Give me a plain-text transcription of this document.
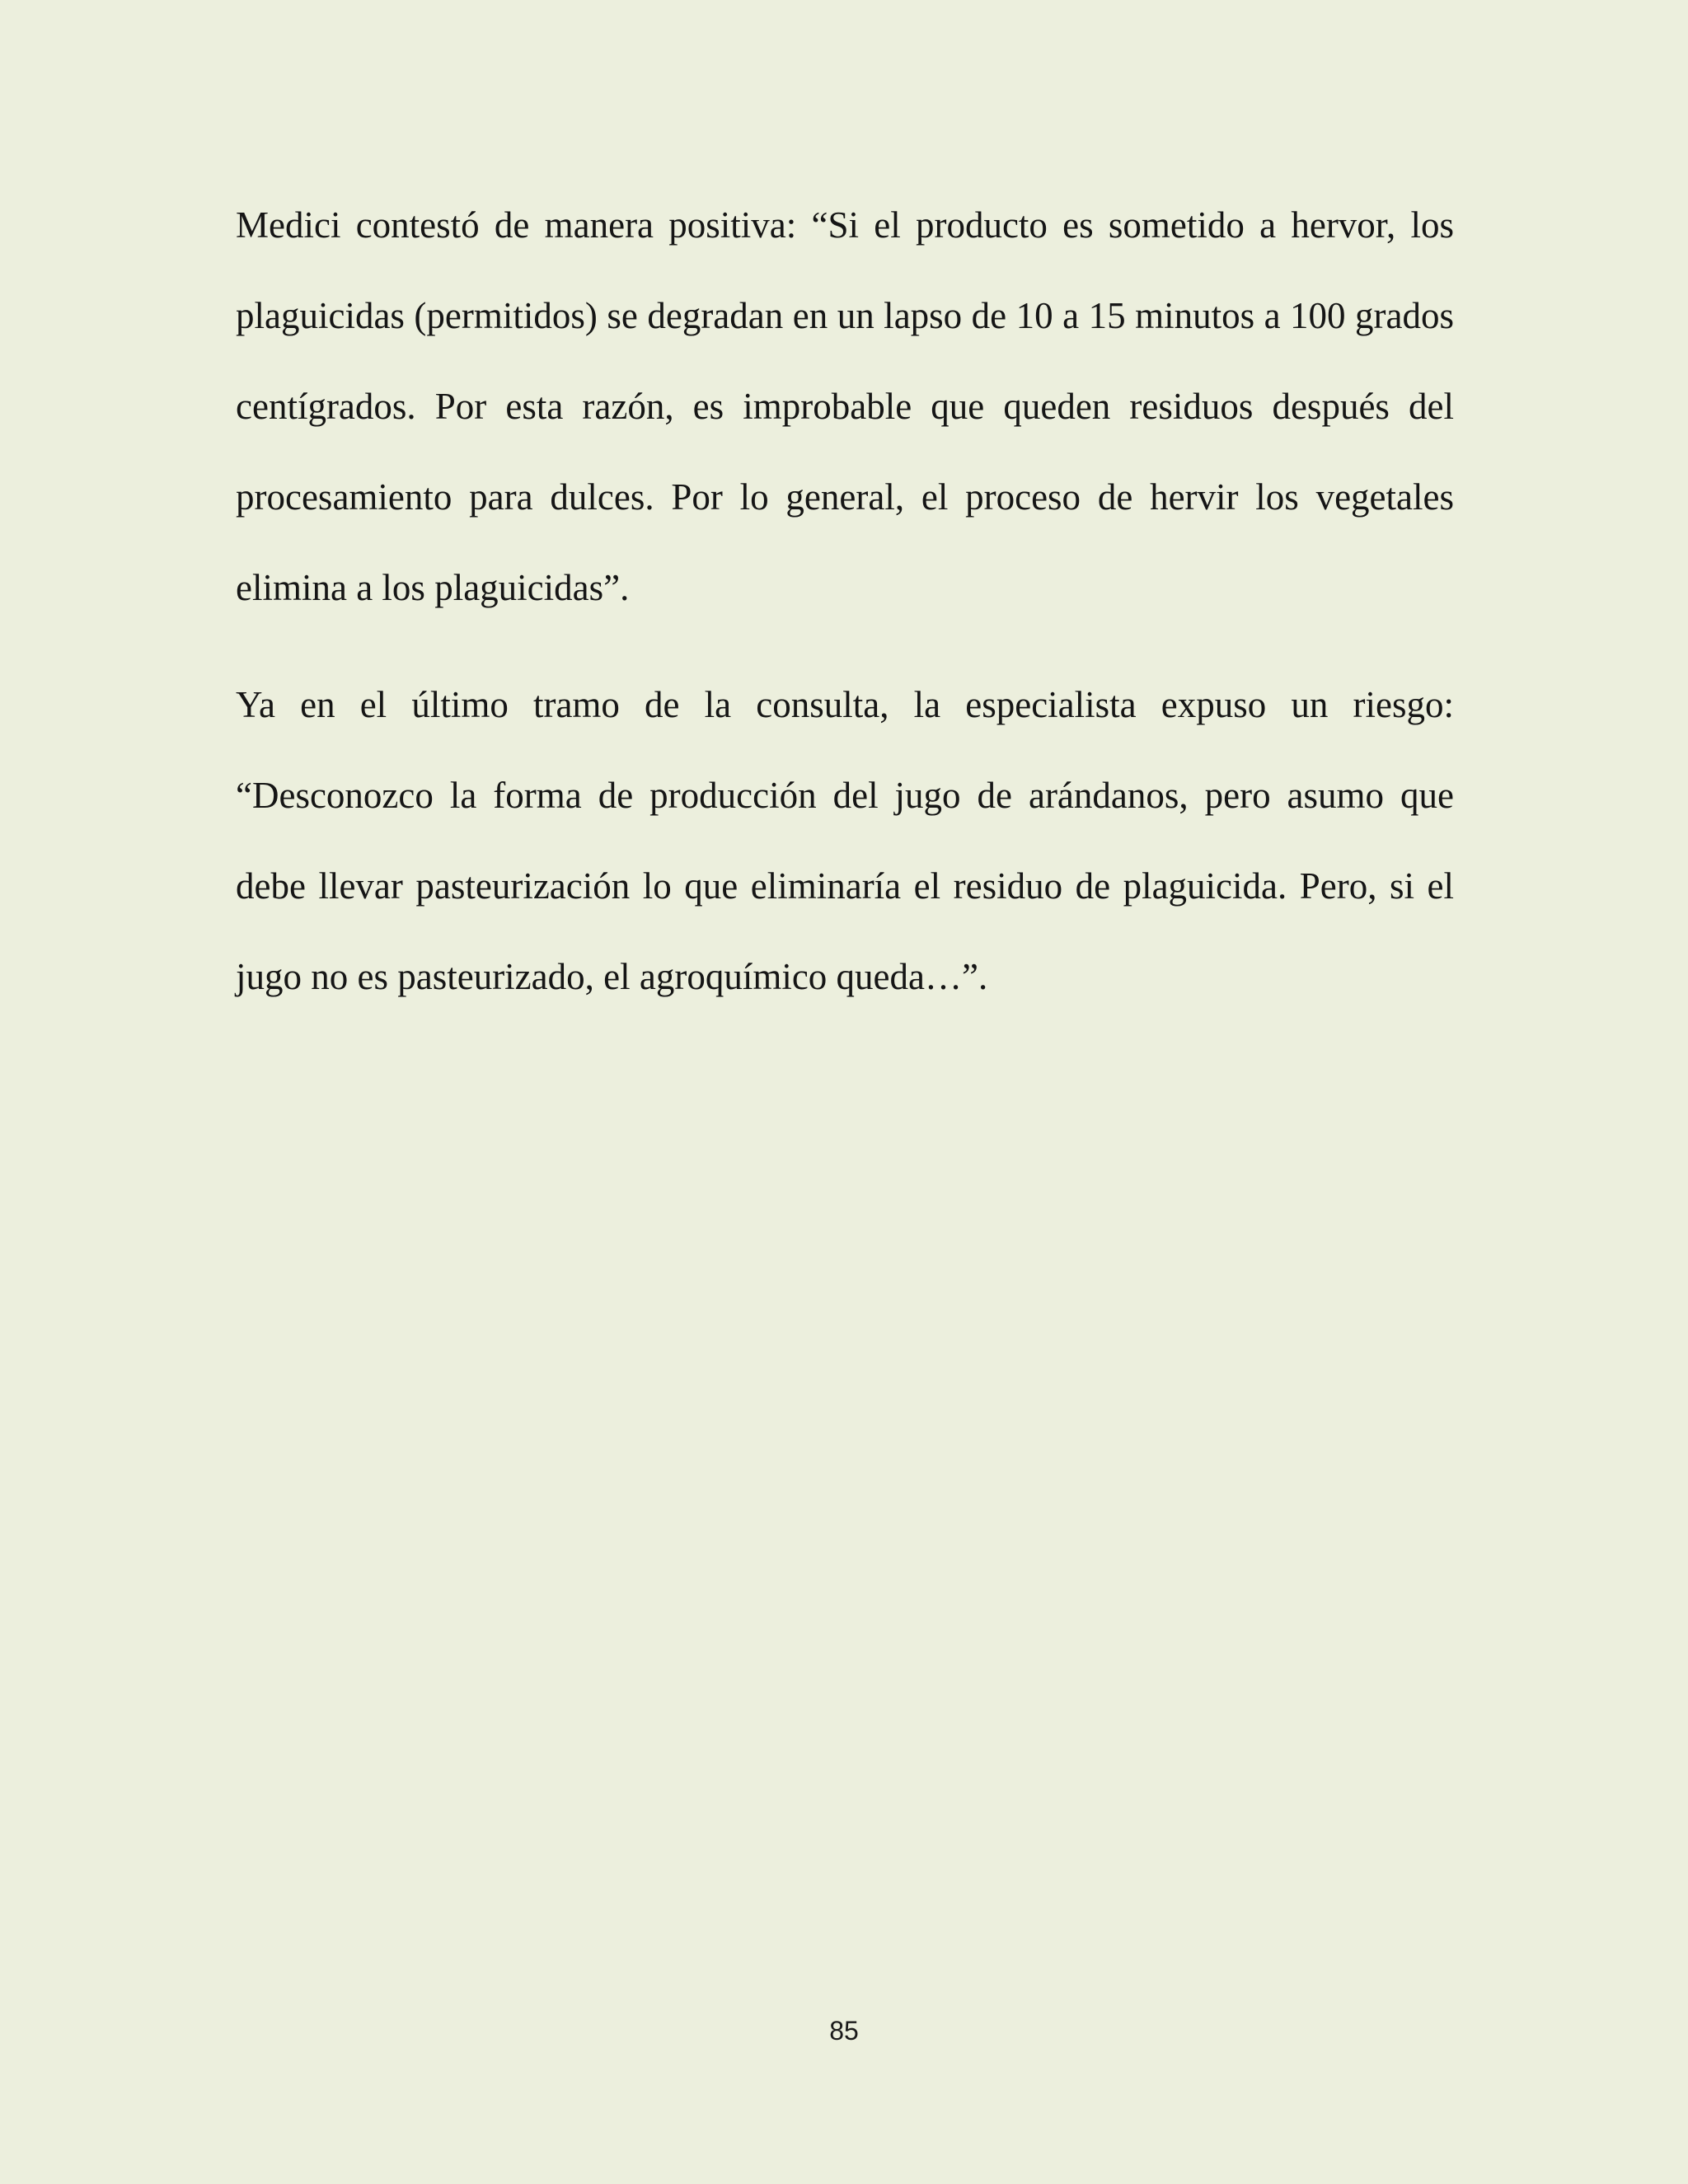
Medici contestó de manera positiva: “Si el producto es sometido a hervor, los plaguicidas (permitidos) se degradan en un lapso de 10 a 15 minutos a 100 grados centígrados. Por esta razón, es improbable que queden residuos después del procesamiento para dulces. Por lo general, el proceso de hervir los vegetales elimina a los plaguicidas”.

Ya en el último tramo de la consulta, la especialista expuso un riesgo: “Desconozco la forma de producción del jugo de arándanos, pero asumo que debe llevar pasteurización lo que eliminaría el residuo de plaguicida. Pero, si el jugo no es pasteurizado, el agroquímico queda…”.

85
